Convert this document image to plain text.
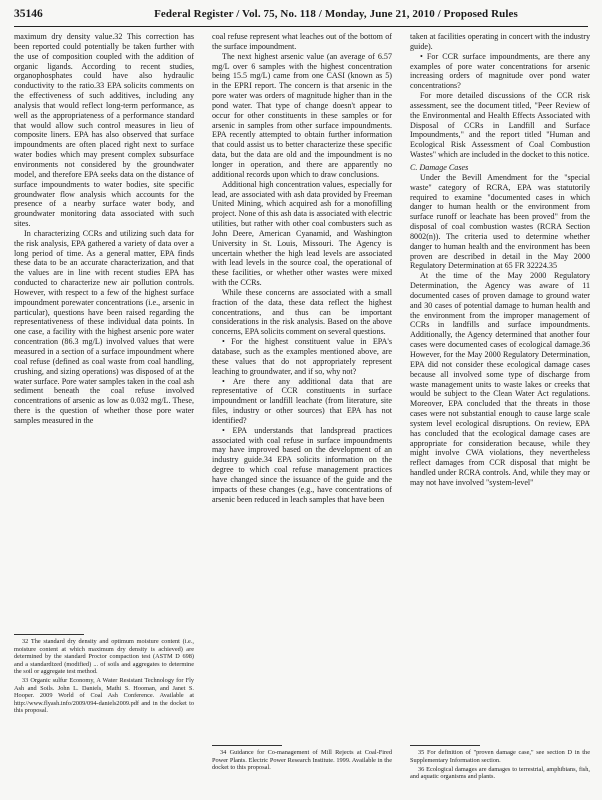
35146	Federal Register / Vol. 75, No. 118 / Monday, June 21, 2010 / Proposed Rules

maximum dry density value.32 This correction has been reported could potentially be taken further with the use of composition coupled with the addition of organic ligands. According to recent studies, organophosphates could have also hydraulic conductivity to the ratio.33 EPA solicits comments on the effectiveness of such additives, including any analysis that would reflect long-term performance, as well as the appropriateness of a performance standard that would allow such control measures in lieu of composite liners. EPA has also observed that surface impoundments are often placed right next to surface water bodies which may present complex subsurface environments not considered by the groundwater model, and therefore EPA seeks data on the distance of surface impoundments to water bodies, site specific groundwater flow analysis which accounts for the presence of a nearby surface water body, and groundwater monitoring data associated with such sites.

In characterizing CCRs and utilizing such data for the risk analysis, EPA gathered a variety of data over a long period of time. As a general matter, EPA finds these data to be an accurate characterization, and that the values are in line with recent studies EPA has conducted to characterize new air pollution controls. However, with respect to a few of the highest surface impoundment porewater concentrations (i.e., arsenic in particular), questions have been raised regarding the representativeness of these individual data points. In one case, a facility with the highest arsenic pore water concentration (86.3 mg/L) involved values that were measured in a section of a surface impoundment where coal refuse (defined as coal waste from coal handling, crushing, and sizing operations) was disposed of at the water surface. Pore water samples taken in the coal ash sediment beneath the coal refuse involved concentrations of arsenic as low as 0.032 mg/L. These, there is the question of whether those pore water samples measured in the

32 The standard dry density and optimum moisture content (i.e., moisture content at which maximum dry density is achieved) are determined by the standard Proctor compaction test (ASTM D 698) and a standardized (modified) ... of soils and aggregates to determine the soil or aggregate test method.

33 Organic sulfur Economy, A Water Resistant Technology for Fly Ash and Soils. John L. Daniels, Mathi S. Hooman, and Janet S. Hooper. 2009 World of Coal Ash Conference. Available at http://www.flyash.info/2009/094-daniels2009.pdf and in the docket to this proposal.

coal refuse represent what leaches out of the bottom of the surface impoundment.

The next highest arsenic value (an average of 6.57 mg/L over 6 samples with the highest concentration being 15.5 mg/L) came from one CASI (known as 5) in the EPRI report. The concern is that arsenic in the pore water was orders of magnitude higher than in the pond water. That type of change doesn't appear to occur for other constituents in these samples or for arsenic in samples from other surface impoundments. EPA recently attempted to obtain further information that could assist us to better characterize these specific data, but the data are old and the impoundment is no longer in operation, and there are apparently no additional records upon which to draw conclusions.

Additional high concentration values, especially for lead, are associated with ash data provided by Freeman United Mining, which acquired ash for a monofilling project. None of this ash data is associated with electric utilities, but rather with other coal combusters such as John Deere, American Cyanamid, and Washington University in St. Louis, Missouri. The Agency is uncertain whether the high lead levels are associated with lead levels in the source coal, the operational of these facilities, or whether other wastes were mixed with the CCRs.

While these concerns are associated with a small fraction of the data, these data reflect the highest concentrations, and thus can be important considerations in the risk analysis. Based on the above concerns, EPA solicits comment on several questions.

• For the highest constituent value in EPA's database, such as the examples mentioned above, are these values that do not appropriately represent leaching to groundwater, and if so, why not?

• Are there any additional data that are representative of CCR constituents in surface impoundment or landfill leachate (from literature, site files, industry or other sources) that EPA has not identified?

• EPA understands that landspread practices associated with coal refuse in surface impoundments may have improved based on the development of an industry guide.34 EPA solicits information on the degree to which coal refuse management practices have changed since the issuance of the guide and the impacts of these changes (e.g., have concentrations of arsenic been reduced in leach samples that have been

34 Guidance for Co-management of Mill Rejects at Coal-Fired Power Plants. Electric Power Research Institute. 1999. Available in the docket to this proposal.

taken at facilities operating in concert with the industry guide).

• For CCR surface impoundments, are there any examples of pore water concentrations for arsenic increasing orders of magnitude over pond water concentrations?

For more detailed discussions of the CCR risk assessment, see the document titled, "Peer Review of the Environmental and Health Effects Associated with Disposal of CCRs in Landfill and Surface Impoundments," and the report titled "Human and Ecological Risk Assessment of Coal Combustion Wastes" which are included in the docket to this notice.

C. Damage Cases

Under the Bevill Amendment for the "special waste" category of RCRA, EPA was statutorily required to examine "documented cases in which danger to human health or the environment from surface runoff or leachate has been proved" from the disposal of coal combustion wastes (RCRA Section 8002(n)). The criteria used to determine whether danger to human health and the environment has been proven are described in detail in the May 2000 Regulatory Determination at 65 FR 32224.35

At the time of the May 2000 Regulatory Determination, the Agency was aware of 11 documented cases of proven damage to ground water and 30 cases of potential damage to human health and the environment from the improper management of CCRs in landfills and surface impoundments. Additionally, the Agency determined that another four cases were documented cases of ecological damage.36 However, for the May 2000 Regulatory Determination, EPA did not consider these ecological damage cases because all involved some type of discharge from waste management units to waste lakes or creeks that would be subject to the Clean Water Act regulations. Moreover, EPA concluded that the threats in those cases were not substantial enough to cause large scale system level ecological disruptions. On review, EPA has concluded that the ecological damage cases are appropriate for consideration because, while they might involve CWA violations, they nevertheless reflect damages from CCR disposal that might be handled under RCRA controls. And, while they may or may not have involved "system-level"

35 For definition of "proven damage case," see section D in the Supplementary Information section.

36 Ecological damages are damages to terrestrial, amphibians, fish, and aquatic organisms and plants.
